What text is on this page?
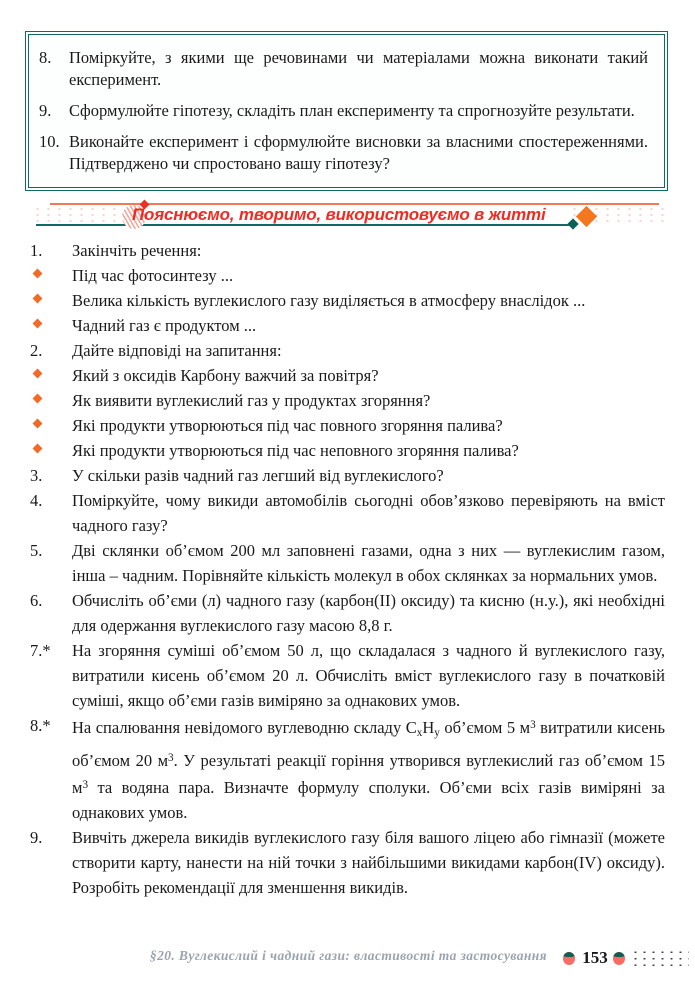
8.	Поміркуйте, з якими ще речовинами чи матеріалами можна виконати такий експеримент.
9.	Сформулюйте гіпотезу, складіть план експерименту та спрогнозуйте результати.
10. Виконайте експеримент і сформулюйте висновки за власними спостереженнями. Підтверджено чи спростовано вашу гіпотезу?
Пояснюємо, творимо, використовуємо в житті
1.	Закінчіть речення:
Під час фотосинтезу ...
Велика кількість вуглекислого газу виділяється в атмосферу внаслідок ...
Чадний газ є продуктом ...
2.	Дайте відповіді на запитання:
Який з оксидів Карбону важчий за повітря?
Як виявити вуглекислий газ у продуктах згоряння?
Які продукти утворюються під час повного згоряння палива?
Які продукти утворюються під час неповного згоряння палива?
3.	У скільки разів чадний газ легший від вуглекислого?
4.	Поміркуйте, чому викиди автомобілів сьогодні обов’язково перевіряють на вміст чадного газу?
5.	Дві склянки об’ємом 200 мл заповнені газами, одна з них — вуглекислим газом, інша – чадним. Порівняйте кількість молекул в обох склянках за нормальних умов.
6.	Обчисліть об’єми (л) чадного газу (карбон(II) оксиду) та кисню (н.у.), які необхідні для одержання вуглекислого газу масою 8,8 г.
7.*	На згоряння суміші об’ємом 50 л, що складалася з чадного й вуглекислого газу, витратили кисень об’ємом 20 л. Обчисліть вміст вуглекислого газу в початковій суміші, якщо об’єми газів виміряно за однакових умов.
8.*	На спалювання невідомого вуглеводню складу $C_xH_y$ об’ємом 5 $м^3$ витратили кисень об’ємом 20 $м^3$. У результаті реакції горіння утворився вуглекислий газ об’ємом 15 $м^3$ та водяна пара. Визначте формулу сполуки. Об’єми всіх газів виміряні за однакових умов.
9.	Вивчіть джерела викидів вуглекислого газу біля вашого ліцею або гімназії (можете створити карту, нанести на ній точки з найбільшими викидами карбон(IV) оксиду). Розробіть рекомендації для зменшення викидів.
§20. Вуглекислий і чадний гази: властивості та застосування 153
